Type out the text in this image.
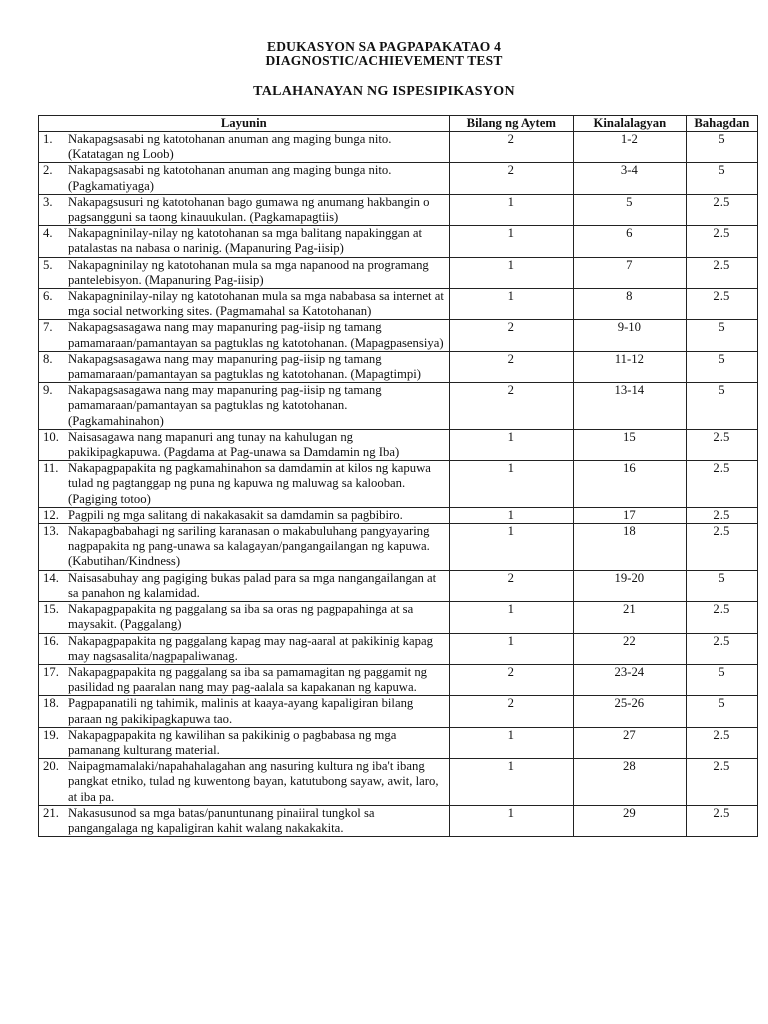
EDUKASYON SA PAGPAPAKATAO 4
DIAGNOSTIC/ACHIEVEMENT TEST
TALAHANAYAN NG ISPESIPIKASYON
Layunin	Bilang ng Aytem	Kinalalagyan	Bahagdan

1. Nakapagsasabi ng katotohanan anuman ang maging bunga nito. (Katatagan ng Loob)	2	1-2	5

2. Nakapagsasabi ng katotohanan anuman ang maging bunga nito. (Pagkamatiyaga)	2	3-4	5

3. Nakapagsusuri ng katotohanan bago gumawa ng anumang hakbangin o pagsangguni sa taong kinauukulan. (Pagkamapagtiis)	1	5	2.5

4. Nakapagninilay-nilay ng katotohanan sa mga balitang napakinggan at patalastas na nabasa o narinig. (Mapanuring Pag-iisip)	1	6	2.5

5. Nakapagninilay ng katotohanan mula sa mga napanood na programang pantelebisyon. (Mapanuring Pag-iisip)	1	7	2.5

6. Nakapagninilay-nilay ng katotohanan mula sa mga nababasa sa internet at mga social networking sites. (Pagmamahal sa Katotohanan)	1	8	2.5

7. Nakapagsasagawa nang may mapanuring pag-iisip ng tamang pamamaraan/pamantayan sa pagtuklas ng katotohanan. (Mapagpasensiya)	2	9-10	5

8. Nakapagsasagawa nang may mapanuring pag-iisip ng tamang pamamaraan/pamantayan sa pagtuklas ng katotohanan. (Mapagtimpi)	2	11-12	5

9. Nakapagsasagawa nang may mapanuring pag-iisip ng tamang pamamaraan/pamantayan sa pagtuklas ng katotohanan. (Pagkamahinahon)	2	13-14	5

10. Naisasagawa nang mapanuri ang tunay na kahulugan ng pakikipagkapuwa. (Pagdama at Pag-unawa sa Damdamin ng Iba)	1	15	2.5

11. Nakapagpapakita ng pagkamahinahon sa damdamin at kilos ng kapuwa tulad ng pagtanggap ng puna ng kapuwa ng maluwag sa kalooban. (Pagiging totoo)	1	16	2.5

12. Pagpili ng mga salitang di nakakasakit sa damdamin sa pagbibiro.	1	17	2.5

13. Nakapagbabahagi ng sariling karanasan o makabuluhang pangyayaring nagpapakita ng pang-unawa sa kalagayan/pangangailangan ng kapuwa. (Kabutihan/Kindness)	1	18	2.5

14. Naisasabuhay ang pagiging bukas palad para sa mga nangangailangan at sa panahon ng kalamidad.	2	19-20	5

15. Nakapagpapakita ng paggalang sa iba sa oras ng pagpapahinga at sa maysakit. (Paggalang)	1	21	2.5

16. Nakapagpapakita ng paggalang kapag may nag-aaral at pakikinig kapag may nagsasalita/nagpapaliwanag.	1	22	2.5

17. Nakapagpapakita ng paggalang sa iba sa pamamagitan ng paggamit ng pasilidad ng paaralan nang may pag-aalala sa kapakanan ng kapuwa.	2	23-24	5

18. Pagpapanatili ng tahimik, malinis at kaaya-ayang kapaligiran bilang paraan ng pakikipagkapuwa tao.	2	25-26	5

19. Nakapagpapakita ng kawilihan sa pakikinig o pagbabasa ng mga pamanang kulturang material.	1	27	2.5

20. Naipagmamalaki/napahahalagahan ang nasuring kultura ng iba't ibang pangkat etniko, tulad ng kuwentong bayan, katutubong sayaw, awit, laro, at iba pa.	1	28	2.5

21. Nakasusunod sa mga batas/panuntunang pinaiiral tungkol sa pangangalaga ng kapaligiran kahit walang nakakakita.	1	29	2.5
